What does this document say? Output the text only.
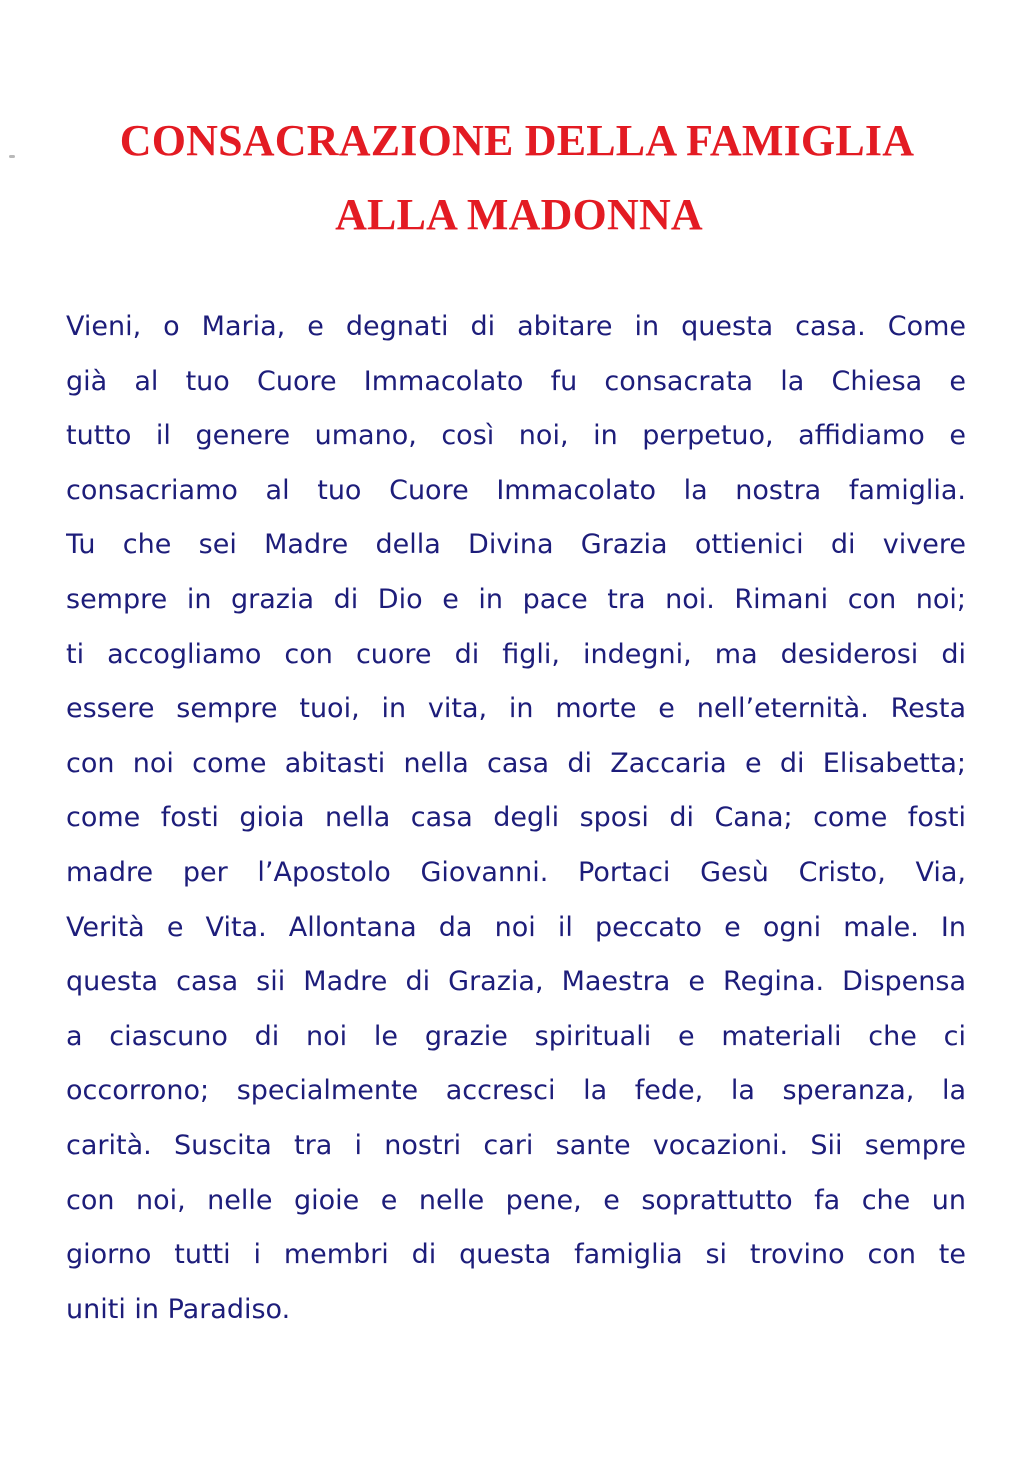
CONSACRAZIONE DELLA FAMIGLIA
ALLA MADONNA
Vieni, o Maria, e degnati di abitare in questa casa. Come
già al tuo Cuore Immacolato fu consacrata la Chiesa e
tutto il genere umano, così noi, in perpetuo, affidiamo e
consacriamo al tuo Cuore Immacolato la nostra famiglia.
Tu che sei Madre della Divina Grazia ottienici di vivere
sempre in grazia di Dio e in pace tra noi. Rimani con noi;
ti accogliamo con cuore di figli, indegni, ma desiderosi di
essere sempre tuoi, in vita, in morte e nell’eternità. Resta
con noi come abitasti nella casa di Zaccaria e di Elisabetta;
come fosti gioia nella casa degli sposi di Cana; come fosti
madre per l’Apostolo Giovanni. Portaci Gesù Cristo, Via,
Verità e Vita. Allontana da noi il peccato e ogni male. In
questa casa sii Madre di Grazia, Maestra e Regina. Dispensa
a ciascuno di noi le grazie spirituali e materiali che ci
occorrono; specialmente accresci la fede, la speranza, la
carità. Suscita tra i nostri cari sante vocazioni. Sii sempre
con noi, nelle gioie e nelle pene, e soprattutto fa che un
giorno tutti i membri di questa famiglia si trovino con te
uniti in Paradiso.
